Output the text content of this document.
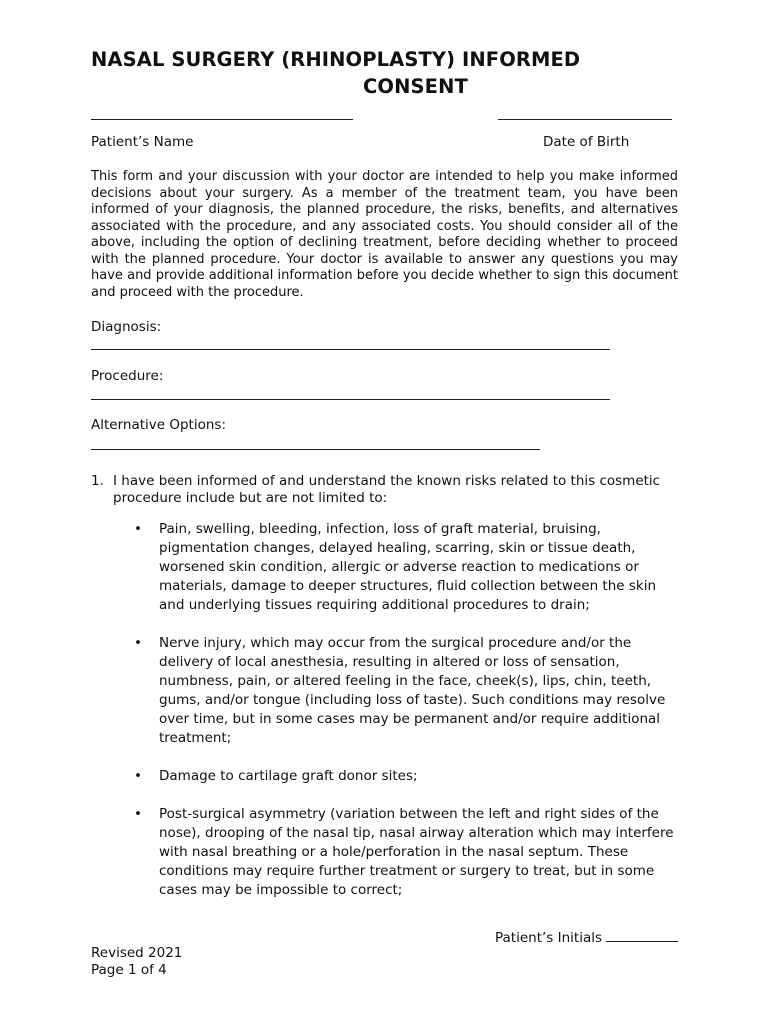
NASAL SURGERY (RHINOPLASTY) INFORMED
CONSENT
Patient’s Name	Date of Birth

This form and your discussion with your doctor are intended to help you make informed decisions about your surgery. As a member of the treatment team, you have been informed of your diagnosis, the planned procedure, the risks, benefits, and alternatives associated with the procedure, and any associated costs. You should consider all of the above, including the option of declining treatment, before deciding whether to proceed with the planned procedure. Your doctor is available to answer any questions you may have and provide additional information before you decide whether to sign this document and proceed with the procedure.

Diagnosis:
Procedure:
Alternative Options:
1. I have been informed of and understand the known risks related to this cosmetic procedure include but are not limited to:
• Pain, swelling, bleeding, infection, loss of graft material, bruising, pigmentation changes, delayed healing, scarring, skin or tissue death, worsened skin condition, allergic or adverse reaction to medications or materials, damage to deeper structures, fluid collection between the skin and underlying tissues requiring additional procedures to drain;
• Nerve injury, which may occur from the surgical procedure and/or the delivery of local anesthesia, resulting in altered or loss of sensation, numbness, pain, or altered feeling in the face, cheek(s), lips, chin, teeth, gums, and/or tongue (including loss of taste). Such conditions may resolve over time, but in some cases may be permanent and/or require additional treatment;
• Damage to cartilage graft donor sites;
• Post-surgical asymmetry (variation between the left and right sides of the nose), drooping of the nasal tip, nasal airway alteration which may interfere with nasal breathing or a hole/perforation in the nasal septum. These conditions may require further treatment or surgery to treat, but in some cases may be impossible to correct;
Patient’s Initials
Revised 2021
Page 1 of 4
